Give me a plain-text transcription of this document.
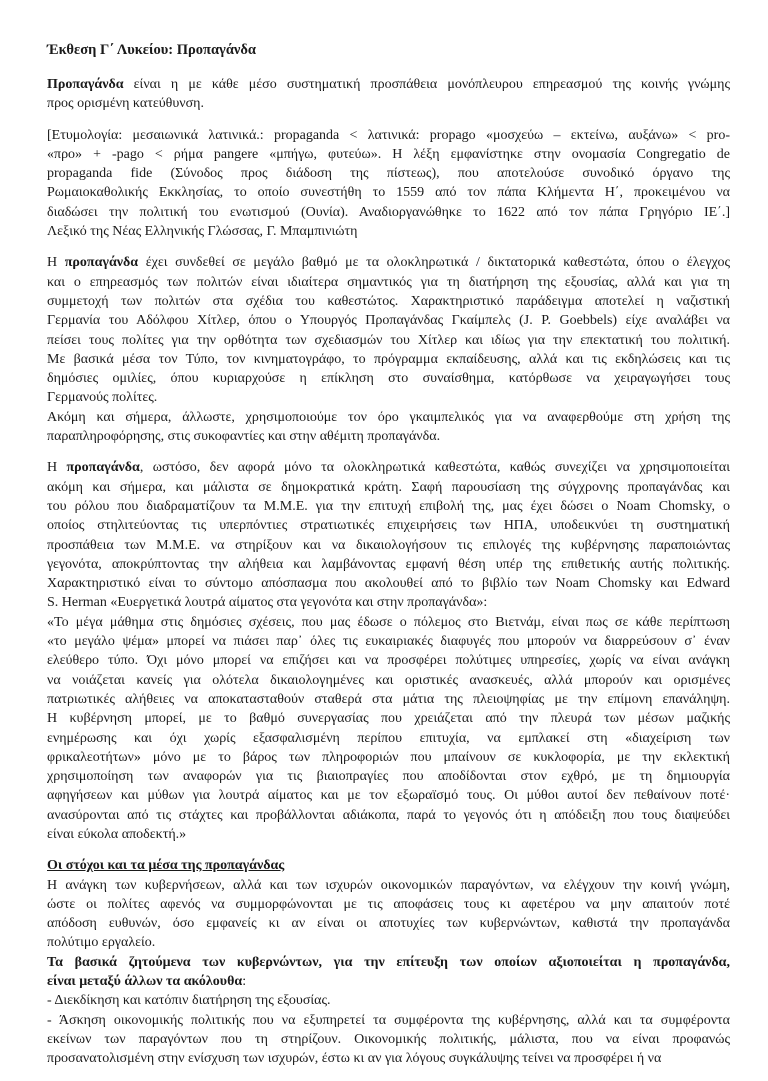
Έκθεση Γ΄ Λυκείου: Προπαγάνδα
Προπαγάνδα είναι η με κάθε μέσο συστηματική προσπάθεια μονόπλευρου επηρεασμού της κοινής γνώμης
προς ορισμένη κατεύθυνση.
[Ετυμολογία: μεσαιωνικά λατινικά.: propaganda < λατινικά: propago «μοσχεύω – εκτείνω, αυξάνω» < pro-
«προ» + -pago < ρήμα pangere «μπήγω, φυτεύω». Η λέξη εμφανίστηκε στην ονομασία Congregatio de
propaganda fide (Σύνοδος προς διάδοση της πίστεως), που αποτελούσε συνοδικό όργανο της
Ρωμαιοκαθολικής Εκκλησίας, το οποίο συνεστήθη το 1559 από τον πάπα Κλήμεντα Η΄, προκειμένου να
διαδώσει την πολιτική του ενωτισμού (Ουνία). Αναδιοργανώθηκε το 1622 από τον πάπα Γρηγόριο ΙΕ΄.]
Λεξικό της Νέας Ελληνικής Γλώσσας, Γ. Μπαμπινιώτη
Η προπαγάνδα έχει συνδεθεί σε μεγάλο βαθμό με τα ολοκληρωτικά / δικτατορικά καθεστώτα, όπου ο έλεγχος
και ο επηρεασμός των πολιτών είναι ιδιαίτερα σημαντικός για τη διατήρηση της εξουσίας, αλλά και για τη
συμμετοχή των πολιτών στα σχέδια του καθεστώτος. Χαρακτηριστικό παράδειγμα αποτελεί η ναζιστική
Γερμανία του Αδόλφου Χίτλερ, όπου ο Υπουργός Προπαγάνδας Γκαίμπελς (J. P. Goebbels) είχε αναλάβει να
πείσει τους πολίτες για την ορθότητα των σχεδιασμών του Χίτλερ και ιδίως για την επεκτατική του πολιτική.
Με βασικά μέσα τον Τύπο, τον κινηματογράφο, το πρόγραμμα εκπαίδευσης, αλλά και τις εκδηλώσεις και τις
δημόσιες ομιλίες, όπου κυριαρχούσε η επίκληση στο συναίσθημα, κατόρθωσε να χειραγωγήσει τους
Γερμανούς πολίτες.
Ακόμη και σήμερα, άλλωστε, χρησιμοποιούμε τον όρο γκαιμπελικός για να αναφερθούμε στη χρήση της
παραπληροφόρησης, στις συκοφαντίες και στην αθέμιτη προπαγάνδα.
Η προπαγάνδα, ωστόσο, δεν αφορά μόνο τα ολοκληρωτικά καθεστώτα, καθώς συνεχίζει να χρησιμοποιείται
ακόμη και σήμερα, και μάλιστα σε δημοκρατικά κράτη. Σαφή παρουσίαση της σύγχρονης προπαγάνδας και
του ρόλου που διαδραματίζουν τα Μ.Μ.Ε. για την επιτυχή επιβολή της, μας έχει δώσει ο Noam Chomsky, ο
οποίος στηλιτεύοντας τις υπερπόντιες στρατιωτικές επιχειρήσεις των ΗΠΑ, υποδεικνύει τη συστηματική
προσπάθεια των Μ.Μ.Ε. να στηρίξουν και να δικαιολογήσουν τις επιλογές της κυβέρνησης παραποιώντας
γεγονότα, αποκρύπτοντας την αλήθεια και λαμβάνοντας εμφανή θέση υπέρ της επιθετικής αυτής πολιτικής.
Χαρακτηριστικό είναι το σύντομο απόσπασμα που ακολουθεί από το βιβλίο των Noam Chomsky και Edward
S. Herman «Ευεργετικά λουτρά αίματος στα γεγονότα και στην προπαγάνδα»:
«Το μέγα μάθημα στις δημόσιες σχέσεις, που μας έδωσε ο πόλεμος στο Βιετνάμ, είναι πως σε κάθε περίπτωση
«το μεγάλο ψέμα» μπορεί να πιάσει παρ᾽ όλες τις ευκαιριακές διαφυγές που μπορούν να διαρρεύσουν σ᾽ έναν
ελεύθερο τύπο. Όχι μόνο μπορεί να επιζήσει και να προσφέρει πολύτιμες υπηρεσίες, χωρίς να είναι ανάγκη
να νοιάζεται κανείς για ολότελα δικαιολογημένες και οριστικές ανασκευές, αλλά μπορούν και ορισμένες
πατριωτικές αλήθειες να αποκατασταθούν σταθερά στα μάτια της πλειοψηφίας με την επίμονη επανάληψη.
Η κυβέρνηση μπορεί, με το βαθμό συνεργασίας που χρειάζεται από την πλευρά των μέσων μαζικής
ενημέρωσης και όχι χωρίς εξασφαλισμένη περίπου επιτυχία, να εμπλακεί στη «διαχείριση των
φρικαλεοτήτων» μόνο με το βάρος των πληροφοριών που μπαίνουν σε κυκλοφορία, με την εκλεκτική
χρησιμοποίηση των αναφορών για τις βιαιοπραγίες που αποδίδονται στον εχθρό, με τη δημιουργία
αφηγήσεων και μύθων για λουτρά αίματος και με τον εξωραϊσμό τους. Οι μύθοι αυτοί δεν πεθαίνουν ποτέ·
ανασύρονται από τις στάχτες και προβάλλονται αδιάκοπα, παρά το γεγονός ότι η απόδειξη που τους διαψεύδει
είναι εύκολα αποδεκτή.»
Οι στόχοι και τα μέσα της προπαγάνδας
Η ανάγκη των κυβερνήσεων, αλλά και των ισχυρών οικονομικών παραγόντων, να ελέγχουν την κοινή γνώμη,
ώστε οι πολίτες αφενός να συμμορφώνονται με τις αποφάσεις τους κι αφετέρου να μην απαιτούν ποτέ
απόδοση ευθυνών, όσο εμφανείς κι αν είναι οι αποτυχίες των κυβερνώντων, καθιστά την προπαγάνδα
πολύτιμο εργαλείο.
Τα βασικά ζητούμενα των κυβερνώντων, για την επίτευξη των οποίων αξιοποιείται η προπαγάνδα,
είναι μεταξύ άλλων τα ακόλουθα:
- Διεκδίκηση και κατόπιν διατήρηση της εξουσίας.
- Άσκηση οικονομικής πολιτικής που να εξυπηρετεί τα συμφέροντα της κυβέρνησης, αλλά και τα συμφέροντα
εκείνων των παραγόντων που τη στηρίζουν. Οικονομικής πολιτικής, μάλιστα, που να είναι προφανώς
προσανατολισμένη στην ενίσχυση των ισχυρών, έστω κι αν για λόγους συγκάλυψης τείνει να προσφέρει ή να
